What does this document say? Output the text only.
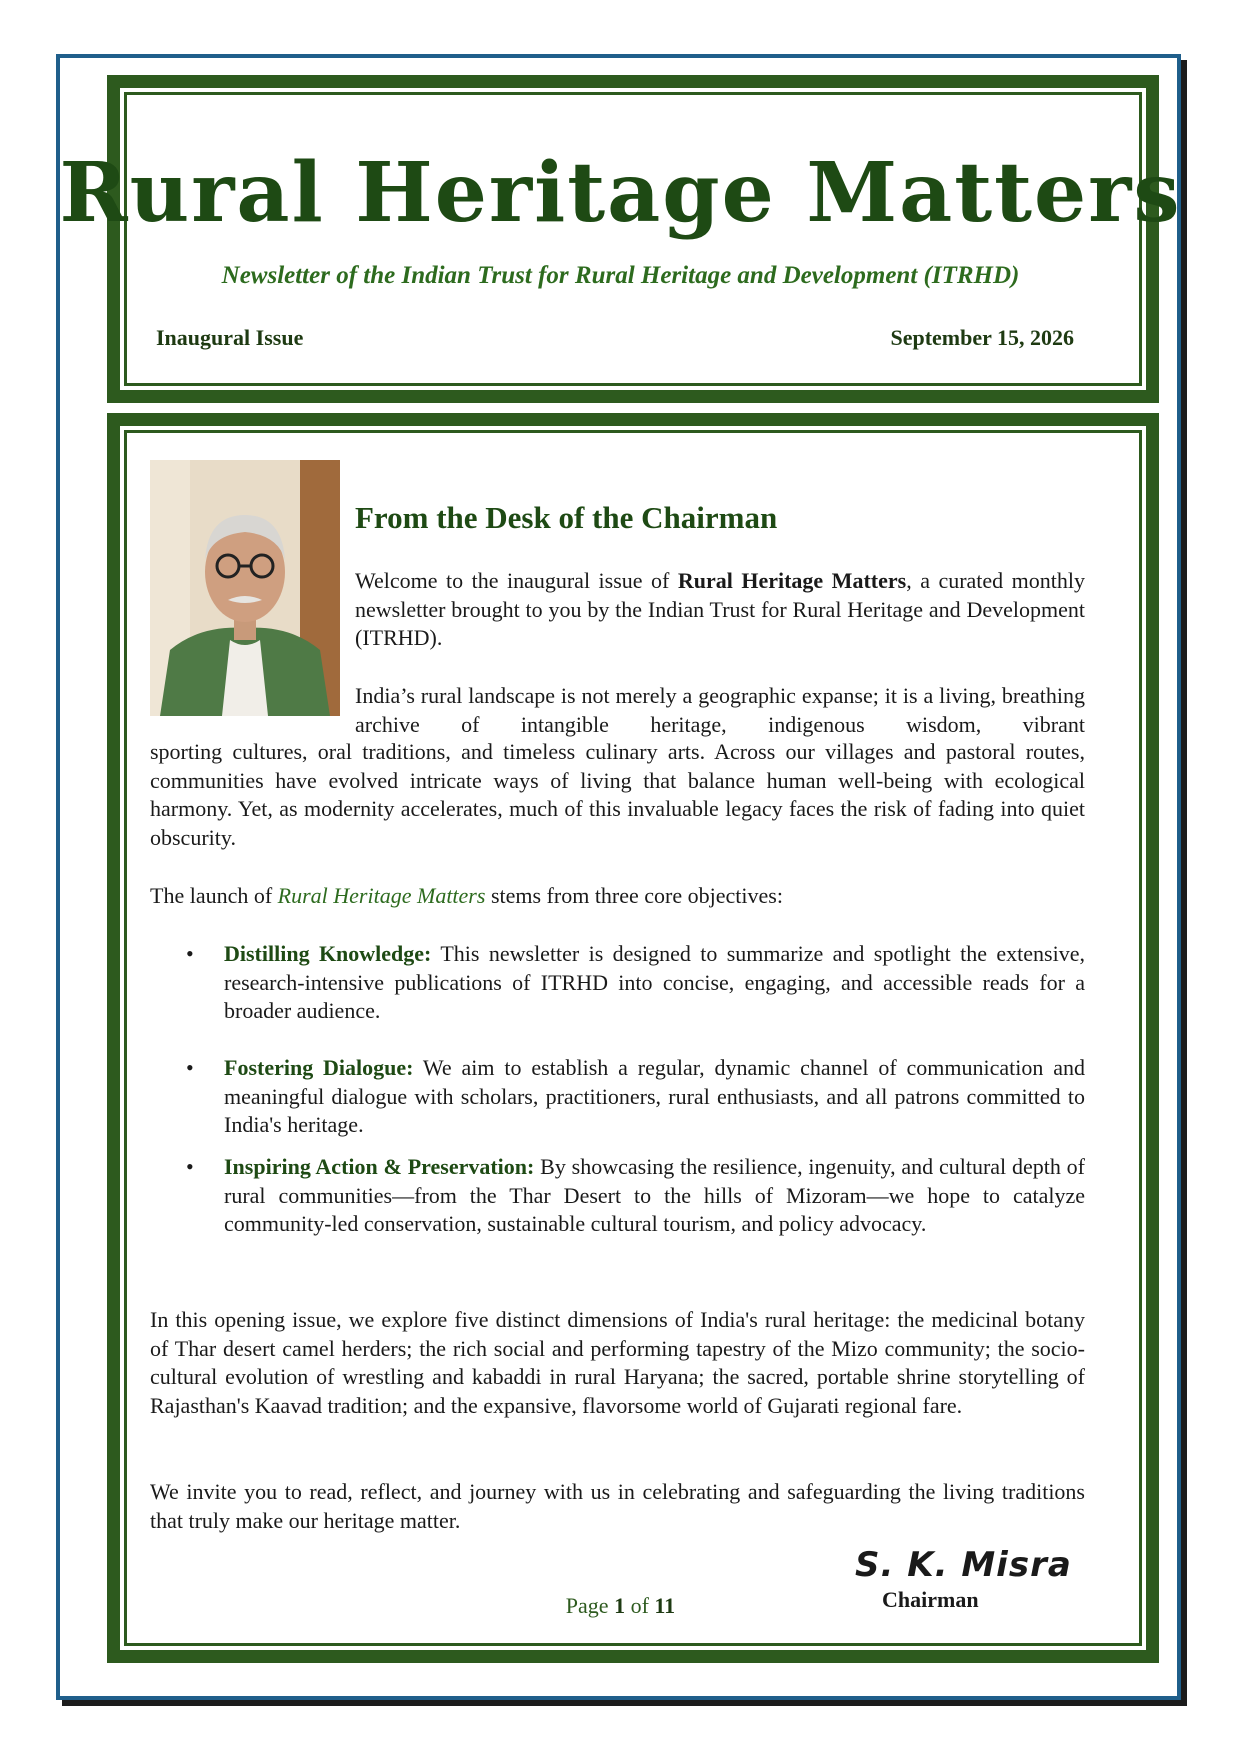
Rural Heritage Matters

Newsletter of the Indian Trust for Rural Heritage and Development (ITRHD)

Inaugural Issue	September 15, 2026
From the Desk of the Chairman

Welcome to the inaugural issue of Rural Heritage Matters, a curated monthly newsletter brought to you by the Indian Trust for Rural Heritage and Development (ITRHD).

India’s rural landscape is not merely a geographic expanse; it is a living, breathing archive of intangible heritage, indigenous wisdom, vibrant

sporting cultures, oral traditions, and timeless culinary arts. Across our villages and pastoral routes, communities have evolved intricate ways of living that balance human well-being with ecological harmony. Yet, as modernity accelerates, much of this invaluable legacy faces the risk of fading into quiet obscurity.

The launch of Rural Heritage Matters stems from three core objectives:

• Distilling Knowledge: This newsletter is designed to summarize and spotlight the extensive, research-intensive publications of ITRHD into concise, engaging, and accessible reads for a broader audience.
• Fostering Dialogue: We aim to establish a regular, dynamic channel of communication and meaningful dialogue with scholars, practitioners, rural enthusiasts, and all patrons committed to India's heritage.
• Inspiring Action & Preservation: By showcasing the resilience, ingenuity, and cultural depth of rural communities—from the Thar Desert to the hills of Mizoram—we hope to catalyze community-led conservation, sustainable cultural tourism, and policy advocacy.

In this opening issue, we explore five distinct dimensions of India's rural heritage: the medicinal botany of Thar desert camel herders; the rich social and performing tapestry of the Mizo community; the socio-cultural evolution of wrestling and kabaddi in rural Haryana; the sacred, portable shrine storytelling of Rajasthan's Kaavad tradition; and the expansive, flavorsome world of Gujarati regional fare.

We invite you to read, reflect, and journey with us in celebrating and safeguarding the living traditions that truly make our heritage matter.

S. K. Misra
Chairman
Page 1 of 11
